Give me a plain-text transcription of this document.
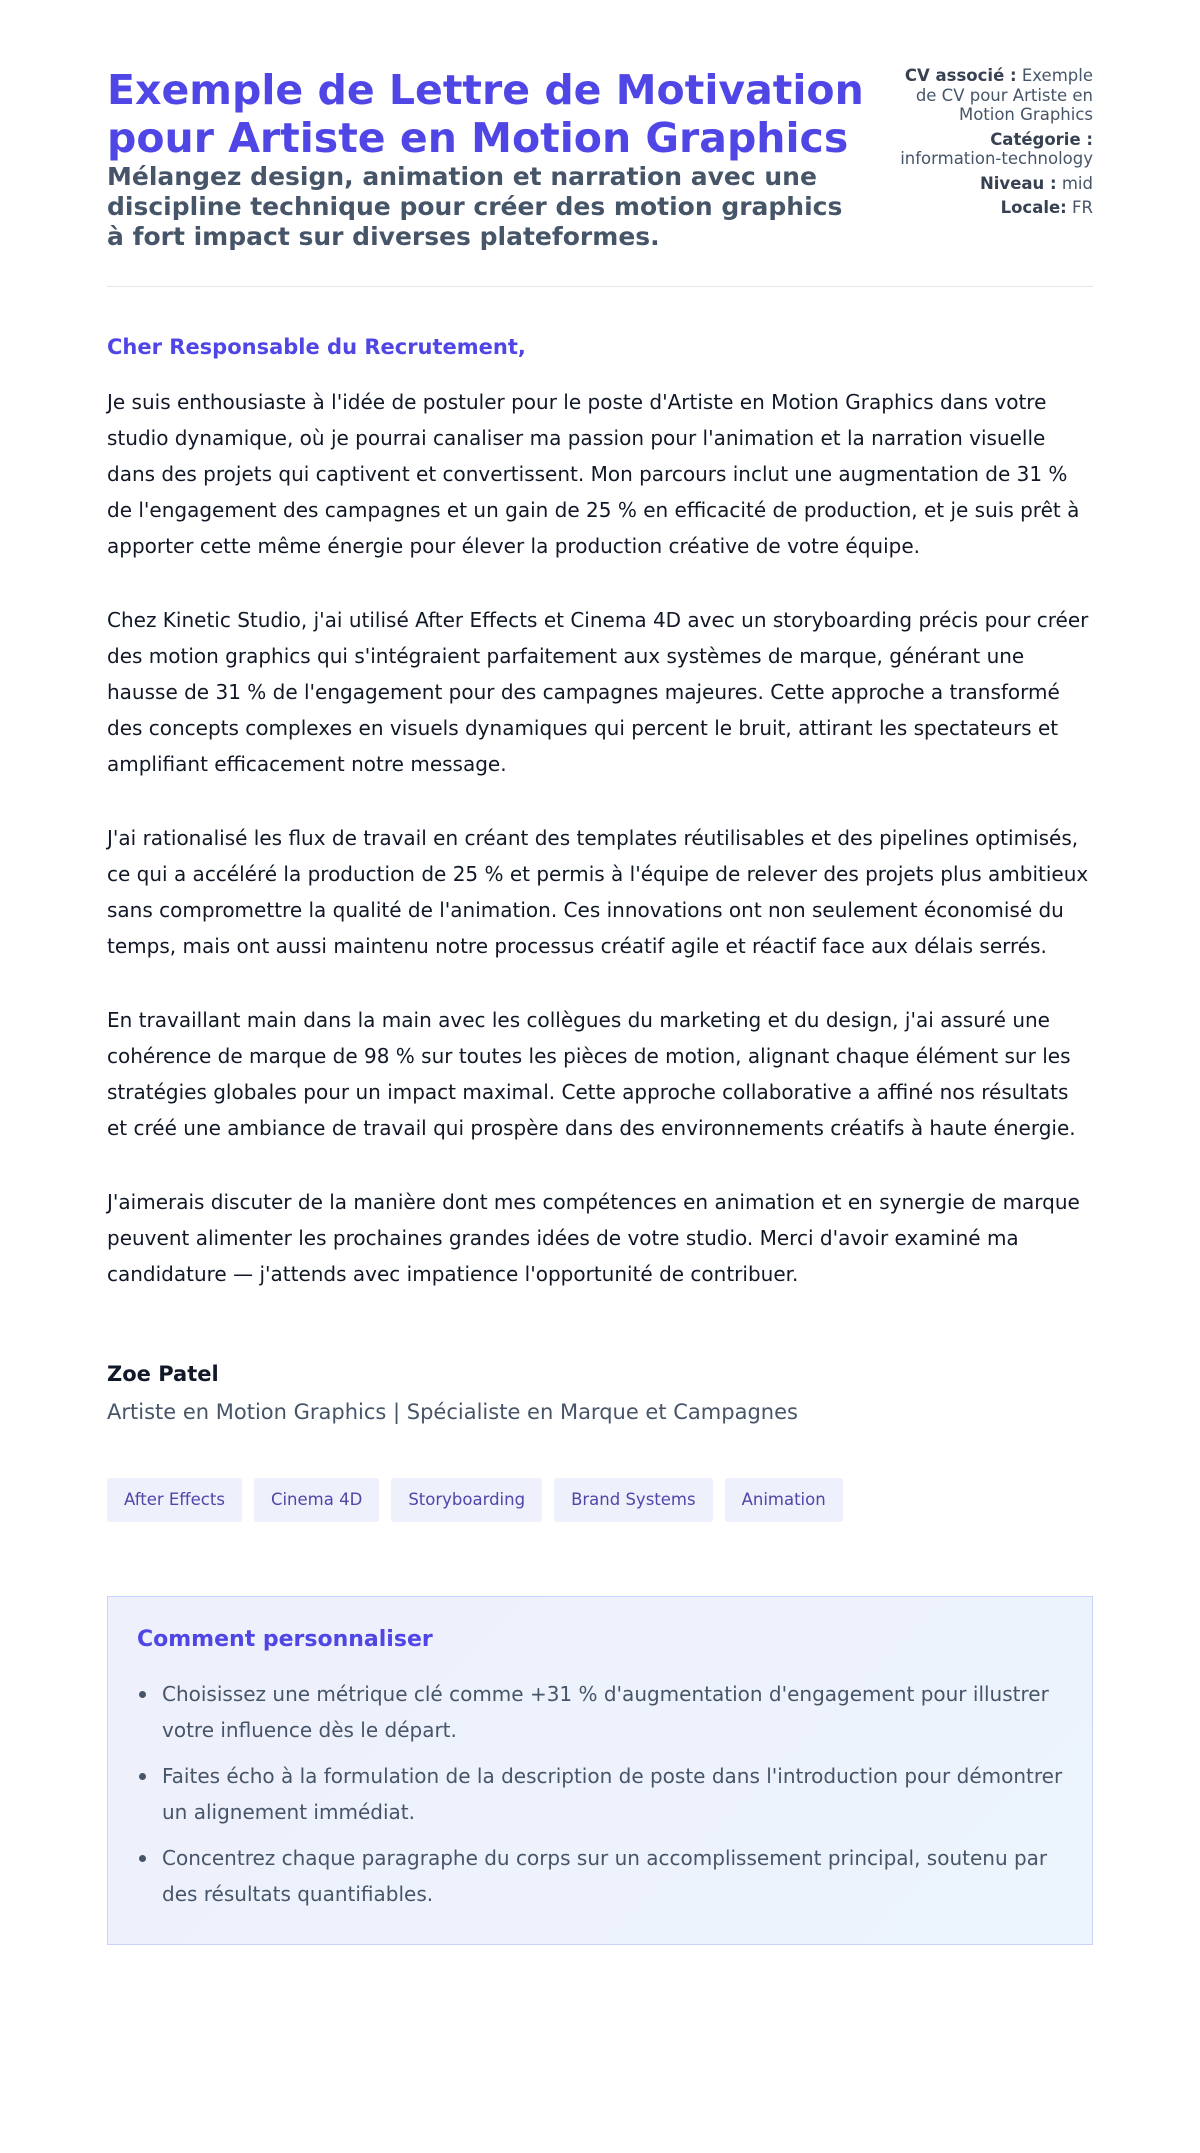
Exemple de Lettre de Motivation pour Artiste en Motion Graphics
Mélangez design, animation et narration avec une discipline technique pour créer des motion graphics à fort impact sur diverses plateformes.
CV associé : Exemple de CV pour Artiste en Motion Graphics
Catégorie : information-technology
Niveau : mid
Locale: FR

Cher Responsable du Recrutement,

Je suis enthousiaste à l'idée de postuler pour le poste d'Artiste en Motion Graphics dans votre studio dynamique, où je pourrai canaliser ma passion pour l'animation et la narration visuelle dans des projets qui captivent et convertissent. Mon parcours inclut une augmentation de 31 % de l'engagement des campagnes et un gain de 25 % en efficacité de production, et je suis prêt à apporter cette même énergie pour élever la production créative de votre équipe.

Chez Kinetic Studio, j'ai utilisé After Effects et Cinema 4D avec un storyboarding précis pour créer des motion graphics qui s'intégraient parfaitement aux systèmes de marque, générant une hausse de 31 % de l'engagement pour des campagnes majeures. Cette approche a transformé des concepts complexes en visuels dynamiques qui percent le bruit, attirant les spectateurs et amplifiant efficacement notre message.

J'ai rationalisé les flux de travail en créant des templates réutilisables et des pipelines optimisés, ce qui a accéléré la production de 25 % et permis à l'équipe de relever des projets plus ambitieux sans compromettre la qualité de l'animation. Ces innovations ont non seulement économisé du temps, mais ont aussi maintenu notre processus créatif agile et réactif face aux délais serrés.

En travaillant main dans la main avec les collègues du marketing et du design, j'ai assuré une cohérence de marque de 98 % sur toutes les pièces de motion, alignant chaque élément sur les stratégies globales pour un impact maximal. Cette approche collaborative a affiné nos résultats et créé une ambiance de travail qui prospère dans des environnements créatifs à haute énergie.

J'aimerais discuter de la manière dont mes compétences en animation et en synergie de marque peuvent alimenter les prochaines grandes idées de votre studio. Merci d'avoir examiné ma candidature — j'attends avec impatience l'opportunité de contribuer.

Zoe Patel
Artiste en Motion Graphics | Spécialiste en Marque et Campagnes
After Effects	Cinema 4D	Storyboarding	Brand Systems	Animation
Comment personnaliser
Choisissez une métrique clé comme +31 % d'augmentation d'engagement pour illustrer votre influence dès le départ.
Faites écho à la formulation de la description de poste dans l'introduction pour démontrer un alignement immédiat.
Concentrez chaque paragraphe du corps sur un accomplissement principal, soutenu par des résultats quantifiables.
